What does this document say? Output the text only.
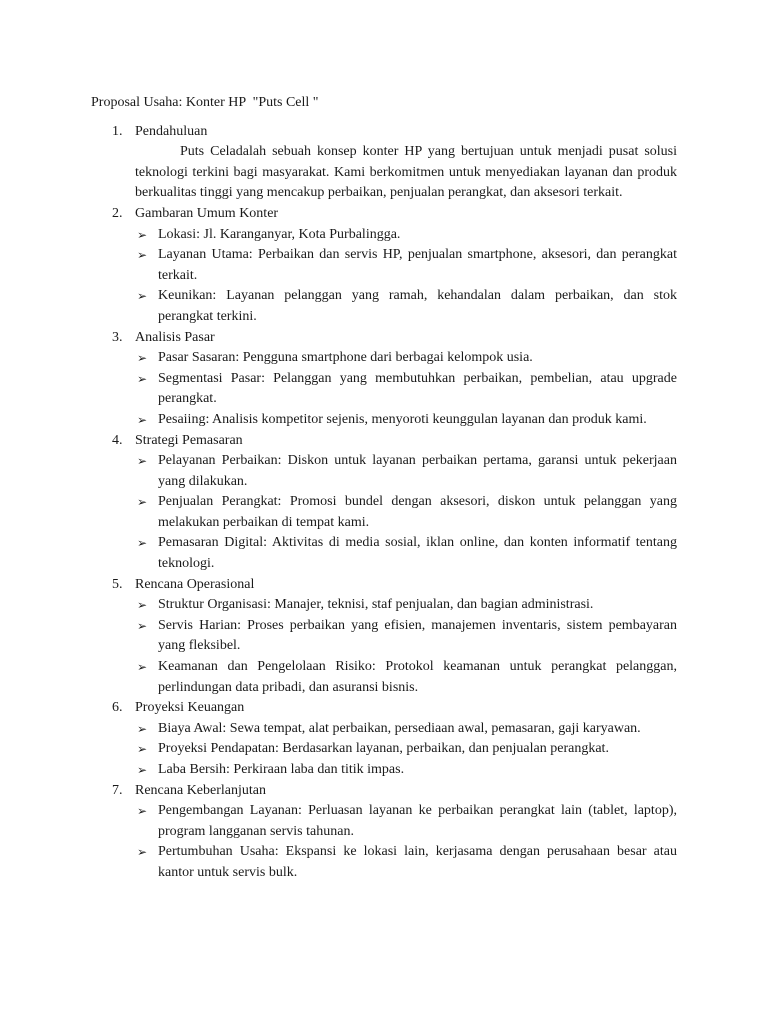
Proposal Usaha: Konter HP  "Puts Cell "

1. Pendahuluan

Puts Celadalah sebuah konsep konter HP yang bertujuan untuk menjadi pusat solusi teknologi terkini bagi masyarakat. Kami berkomitmen untuk menyediakan layanan dan produk berkualitas tinggi yang mencakup perbaikan, penjualan perangkat, dan aksesori terkait.

2. Gambaran Umum Konter
➢ Lokasi: Jl. Karanganyar, Kota Purbalingga.
➢ Layanan Utama: Perbaikan dan servis HP, penjualan smartphone, aksesori, dan perangkat terkait.
➢ Keunikan: Layanan pelanggan yang ramah, kehandalan dalam perbaikan, dan stok perangkat terkini.
3. Analisis Pasar
➢ Pasar Sasaran: Pengguna smartphone dari berbagai kelompok usia.
➢ Segmentasi Pasar: Pelanggan yang membutuhkan perbaikan, pembelian, atau upgrade perangkat.
➢ Pesaiing: Analisis kompetitor sejenis, menyoroti keunggulan layanan dan produk kami.
4. Strategi Pemasaran
➢ Pelayanan Perbaikan: Diskon untuk layanan perbaikan pertama, garansi untuk pekerjaan yang dilakukan.
➢ Penjualan Perangkat: Promosi bundel dengan aksesori, diskon untuk pelanggan yang melakukan perbaikan di tempat kami.
➢ Pemasaran Digital: Aktivitas di media sosial, iklan online, dan konten informatif tentang teknologi.
5. Rencana Operasional
➢ Struktur Organisasi: Manajer, teknisi, staf penjualan, dan bagian administrasi.
➢ Servis Harian: Proses perbaikan yang efisien, manajemen inventaris, sistem pembayaran yang fleksibel.
➢ Keamanan dan Pengelolaan Risiko: Protokol keamanan untuk perangkat pelanggan, perlindungan data pribadi, dan asuransi bisnis.
6. Proyeksi Keuangan
➢ Biaya Awal: Sewa tempat, alat perbaikan, persediaan awal, pemasaran, gaji karyawan.
➢ Proyeksi Pendapatan: Berdasarkan layanan, perbaikan, dan penjualan perangkat.
➢ Laba Bersih: Perkiraan laba dan titik impas.
7. Rencana Keberlanjutan
➢ Pengembangan Layanan: Perluasan layanan ke perbaikan perangkat lain (tablet, laptop), program langganan servis tahunan.
➢ Pertumbuhan Usaha: Ekspansi ke lokasi lain, kerjasama dengan perusahaan besar atau kantor untuk servis bulk.
